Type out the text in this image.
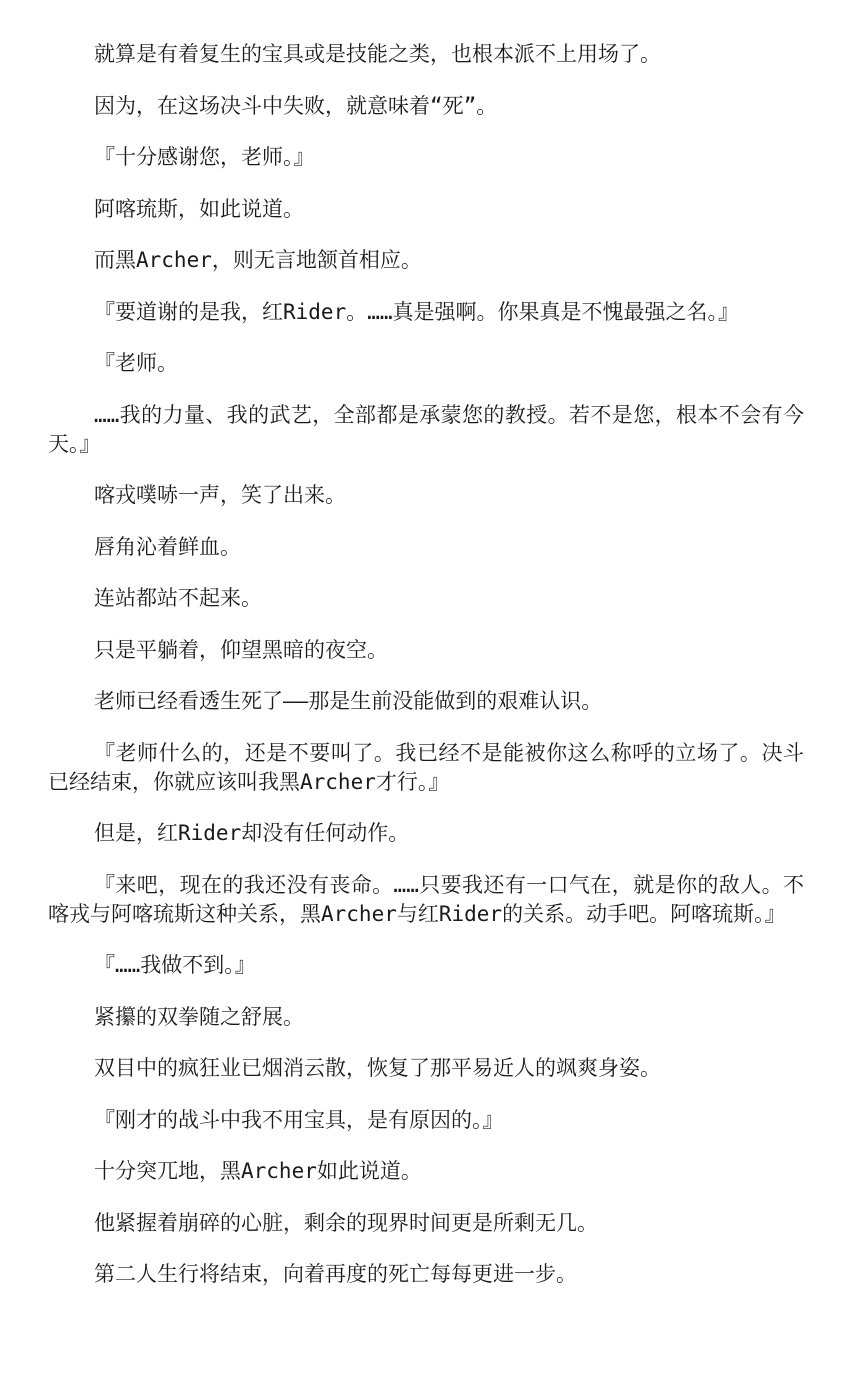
就算是有着复生的宝具或是技能之类，也根本派不上用场了。

因为，在这场决斗中失败，就意味着“死”。

『十分感谢您，老师。』

阿喀琉斯，如此说道。

而黑Archer，则无言地颔首相应。

『要道谢的是我，红Rider。……真是强啊。你果真是不愧最强之名。』

『老师。

……我的力量、我的武艺，全部都是承蒙您的教授。若不是您，根本不会有今天。』

喀戎噗哧一声，笑了出来。

唇角沁着鲜血。

连站都站不起来。

只是平躺着，仰望黑暗的夜空。

老师已经看透生死了——那是生前没能做到的艰难认识。

『老师什么的，还是不要叫了。我已经不是能被你这么称呼的立场了。决斗已经结束，你就应该叫我黑Archer才行。』

但是，红Rider却没有任何动作。

『来吧，现在的我还没有丧命。……只要我还有一口气在，就是你的敌人。不喀戎与阿喀琉斯这种关系，黑Archer与红Rider的关系。动手吧。阿喀琉斯。』

『……我做不到。』

紧攥的双拳随之舒展。

双目中的疯狂业已烟消云散，恢复了那平易近人的飒爽身姿。

『刚才的战斗中我不用宝具，是有原因的。』

十分突兀地，黑Archer如此说道。

他紧握着崩碎的心脏，剩余的现界时间更是所剩无几。

第二人生行将结束，向着再度的死亡每每更进一步。
